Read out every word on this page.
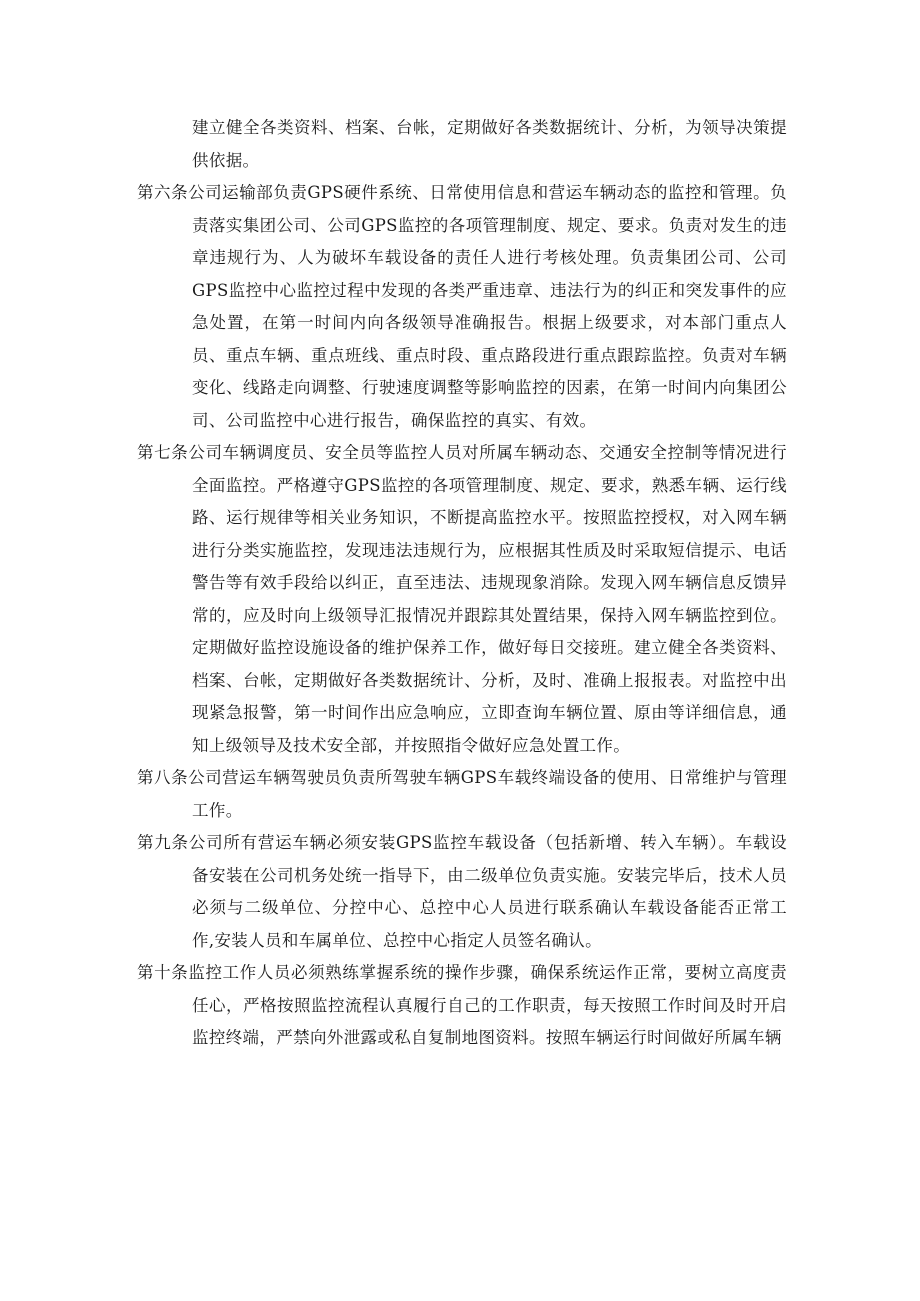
建立健全各类资料、档案、台帐，定期做好各类数据统计、分析，为领导决策提供依据。

第六条公司运输部负责GPS硬件系统、日常使用信息和营运车辆动态的监控和管理。负责落实集团公司、公司GPS监控的各项管理制度、规定、要求。负责对发生的违章违规行为、人为破坏车载设备的责任人进行考核处理。负责集团公司、公司GPS监控中心监控过程中发现的各类严重违章、违法行为的纠正和突发事件的应急处置，在第一时间内向各级领导准确报告。根据上级要求，对本部门重点人员、重点车辆、重点班线、重点时段、重点路段进行重点跟踪监控。负责对车辆变化、线路走向调整、行驶速度调整等影响监控的因素，在第一时间内向集团公司、公司监控中心进行报告，确保监控的真实、有效。

第七条公司车辆调度员、安全员等监控人员对所属车辆动态、交通安全控制等情况进行全面监控。严格遵守GPS监控的各项管理制度、规定、要求，熟悉车辆、运行线路、运行规律等相关业务知识，不断提高监控水平。按照监控授权，对入网车辆进行分类实施监控，发现违法违规行为，应根据其性质及时采取短信提示、电话警告等有效手段给以纠正，直至违法、违规现象消除。发现入网车辆信息反馈异常的，应及时向上级领导汇报情况并跟踪其处置结果，保持入网车辆监控到位。定期做好监控设施设备的维护保养工作，做好每日交接班。建立健全各类资料、档案、台帐，定期做好各类数据统计、分析，及时、准确上报报表。对监控中出现紧急报警，第一时间作出应急响应，立即查询车辆位置、原由等详细信息，通知上级领导及技术安全部，并按照指令做好应急处置工作。

第八条公司营运车辆驾驶员负责所驾驶车辆GPS车载终端设备的使用、日常维护与管理工作。

第九条公司所有营运车辆必须安装GPS监控车载设备（包括新增、转入车辆）。车载设备安装在公司机务处统一指导下，由二级单位负责实施。安装完毕后，技术人员必须与二级单位、分控中心、总控中心人员进行联系确认车载设备能否正常工作,安装人员和车属单位、总控中心指定人员签名确认。

第十条监控工作人员必须熟练掌握系统的操作步骤，确保系统运作正常，要树立高度责任心，严格按照监控流程认真履行自己的工作职责，每天按照工作时间及时开启监控终端，严禁向外泄露或私自复制地图资料。按照车辆运行时间做好所属车辆
